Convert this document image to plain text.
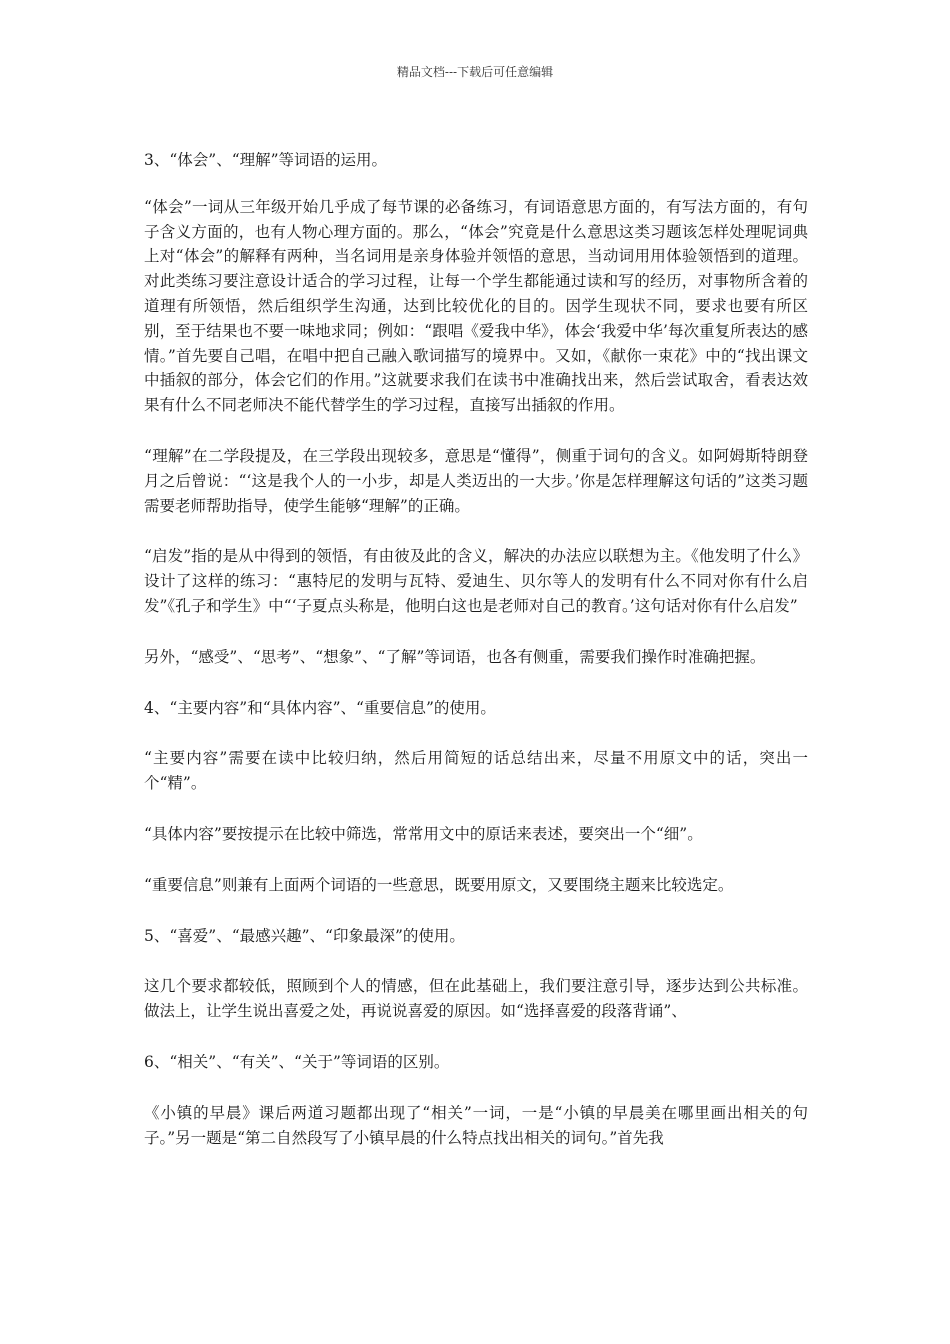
精品文档---下载后可任意编辑

3、“体会”、“理解”等词语的运用。

“体会”一词从三年级开始几乎成了每节课的必备练习，有词语意思方面的，有写法方面的，有句子含义方面的，也有人物心理方面的。那么，“体会”究竟是什么意思这类习题该怎样处理呢词典上对“体会”的解释有两种，当名词用是亲身体验并领悟的意思，当动词用用体验领悟到的道理。对此类练习要注意设计适合的学习过程，让每一个学生都能通过读和写的经历，对事物所含着的道理有所领悟，然后组织学生沟通，达到比较优化的目的。因学生现状不同，要求也要有所区别，至于结果也不要一味地求同；例如：“跟唱《爱我中华》，体会‘我爱中华’每次重复所表达的感情。”首先要自己唱，在唱中把自己融入歌词描写的境界中。又如，《献你一束花》中的“找出课文中插叙的部分，体会它们的作用。”这就要求我们在读书中准确找出来，然后尝试取舍，看表达效果有什么不同老师决不能代替学生的学习过程，直接写出插叙的作用。

“理解”在二学段提及，在三学段出现较多，意思是“懂得”，侧重于词句的含义。如阿姆斯特朗登月之后曾说：“‘这是我个人的一小步，却是人类迈出的一大步。’你是怎样理解这句话的”这类习题需要老师帮助指导，使学生能够“理解”的正确。

“启发”指的是从中得到的领悟，有由彼及此的含义，解决的办法应以联想为主。《他发明了什么》设计了这样的练习：“惠特尼的发明与瓦特、爱迪生、贝尔等人的发明有什么不同对你有什么启发”《孔子和学生》中“‘子夏点头称是，他明白这也是老师对自己的教育。’这句话对你有什么启发”

另外，“感受”、“思考”、“想象”、“了解”等词语，也各有侧重，需要我们操作时准确把握。

4、“主要内容”和“具体内容”、“重要信息”的使用。

“主要内容”需要在读中比较归纳，然后用简短的话总结出来，尽量不用原文中的话，突出一个“精”。

“具体内容”要按提示在比较中筛选，常常用文中的原话来表述，要突出一个“细”。

“重要信息”则兼有上面两个词语的一些意思，既要用原文，又要围绕主题来比较选定。

5、“喜爱”、“最感兴趣”、“印象最深”的使用。

这几个要求都较低，照顾到个人的情感，但在此基础上，我们要注意引导，逐步达到公共标准。做法上，让学生说出喜爱之处，再说说喜爱的原因。如“选择喜爱的段落背诵”、

6、“相关”、“有关”、“关于”等词语的区别。

《小镇的早晨》课后两道习题都出现了“相关”一词，一是“小镇的早晨美在哪里画出相关的句子。”另一题是“第二自然段写了小镇早晨的什么特点找出相关的词句。”首先我
